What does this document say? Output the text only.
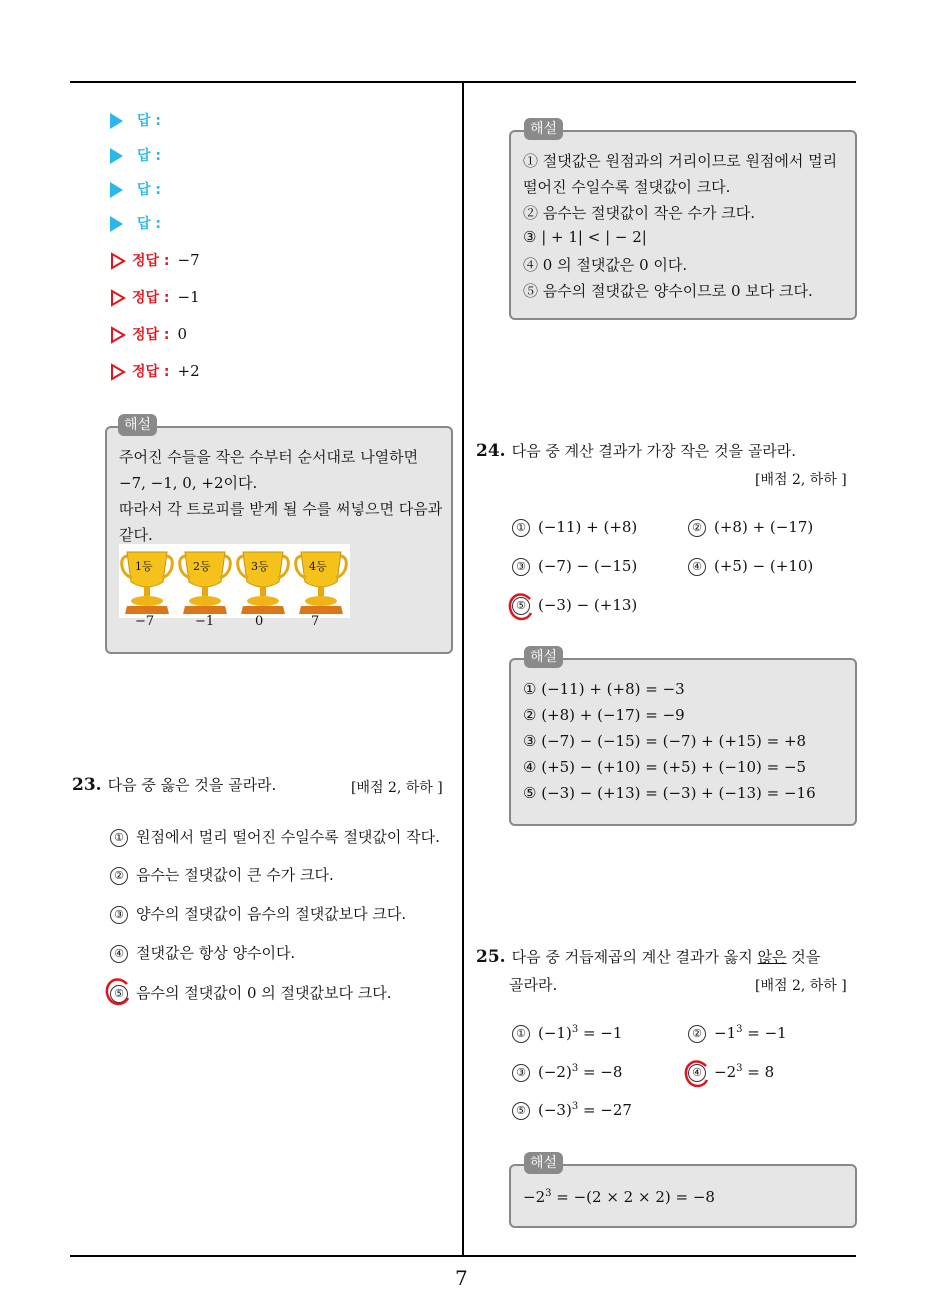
답 :
답 :
답 :
답 :
정답 : −7
정답 : −1
정답 : 0
정답 : +2
주어진 수들을 작은 수부터 순서대로 나열하면
−7, −1, 0, +2이다.
따라서 각 트로피를 받게 될 수를 써넣으면 다음과
같다.
1등	2등	3등	4등
−7	−1	0	7
해설
23. 다음 중 옳은 것을 골라라.	[배점 2, 하하 ]
① 원점에서 멀리 떨어진 수일수록 절댓값이 작다.
② 음수는 절댓값이 큰 수가 크다.
③ 양수의 절댓값이 음수의 절댓값보다 크다.
④ 절댓값은 항상 양수이다.
⑤ 음수의 절댓값이 0 의 절댓값보다 크다.
① 절댓값은 원점과의 거리이므로 원점에서 멀리
떨어진 수일수록 절댓값이 크다.
② 음수는 절댓값이 작은 수가 크다.
③ | + 1| < | − 2|
④ 0 의 절댓값은 0 이다.
⑤ 음수의 절댓값은 양수이므로 0 보다 크다.
해설
24. 다음 중 계산 결과가 가장 작은 것을 골라라.
[배점 2, 하하 ]
① (−11) + (+8)	② (+8) + (−17)
③ (−7) − (−15)	④ (+5) − (+10)
⑤ (−3) − (+13)
① (−11) + (+8) = −3
② (+8) + (−17) = −9
③ (−7) − (−15) = (−7) + (+15) = +8
④ (+5) − (+10) = (+5) + (−10) = −5
⑤ (−3) − (+13) = (−3) + (−13) = −16
해설
25. 다음 중 거듭제곱의 계산 결과가 옳지 않은 것을
골라라.	[배점 2, 하하 ]
① $(-1)^3 = -1$	② $-1^3 = -1$
③ $(-2)^3 = -8$	④ $-2^3 = 8$
⑤ $(-3)^3 = -27$
$-2^3 = -(2 \times 2 \times 2) = -8$
해설
7
